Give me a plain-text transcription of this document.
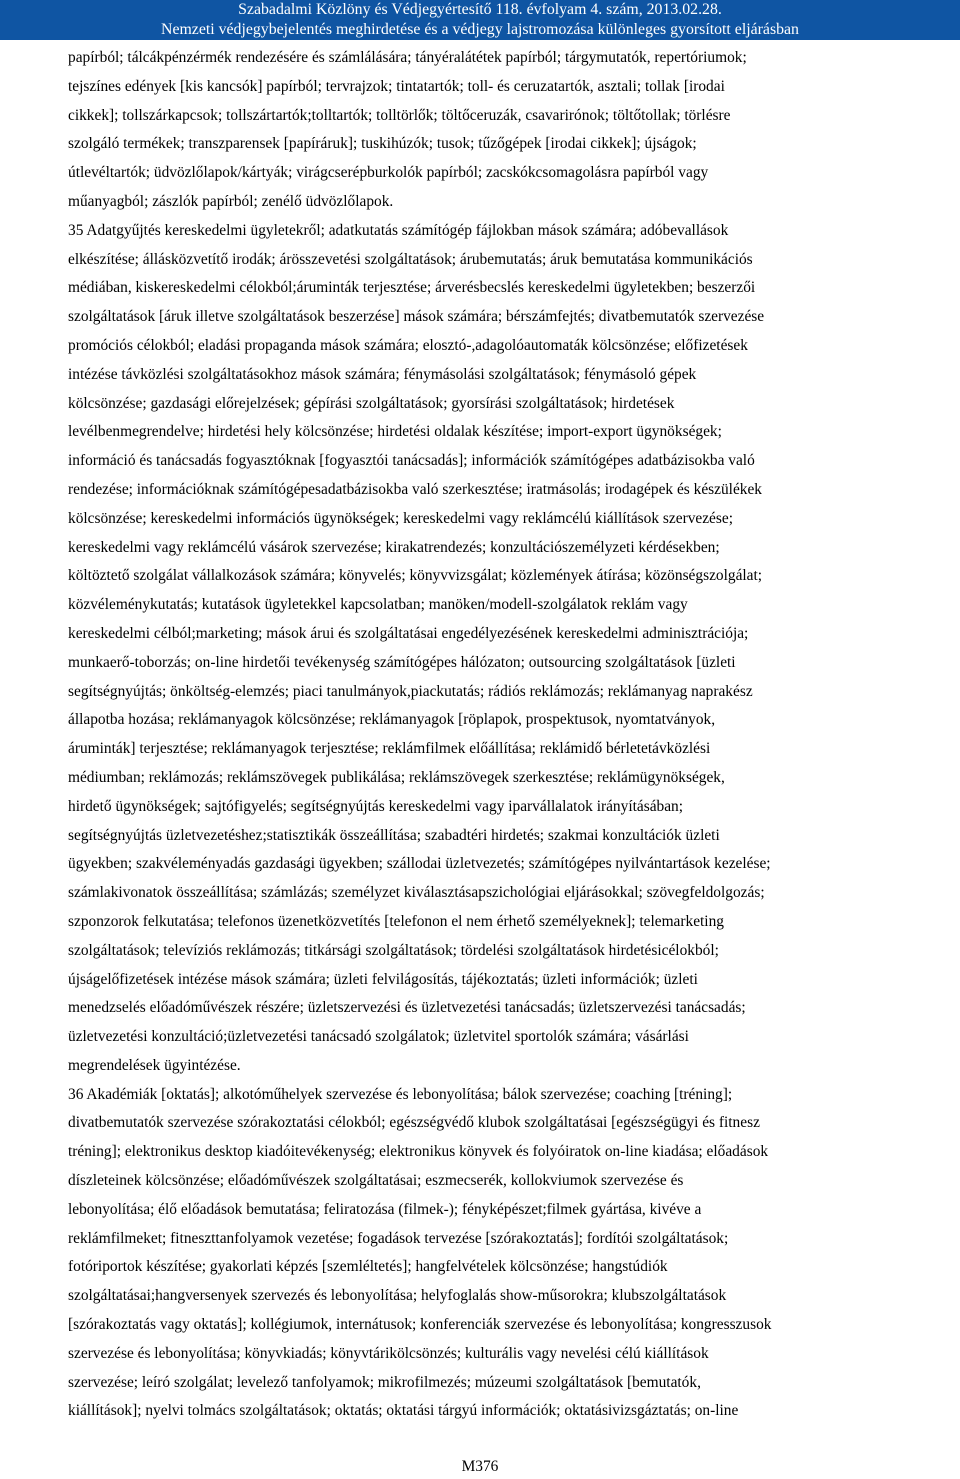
Szabadalmi Közlöny és Védjegyértesítő 118. évfolyam 4. szám, 2013.02.28.
Nemzeti védjegybejelentés meghirdetése és a védjegy lajstromozása különleges gyorsított eljárásban
papírból; tálcákpénzérmék rendezésére és számlálására; tányéralátétek papírból; tárgymutatók, repertóriumok;
tejszínes edények [kis kancsók] papírból; tervrajzok; tintatartók; toll- és ceruzatartók, asztali; tollak [irodai
cikkek]; tollszárkapcsok; tollszártartók;tolltartók; tolltörlők; töltőceruzák, csavarirónok; töltőtollak; törlésre
szolgáló termékek; transzparensek [papíráruk]; tuskihúzók; tusok; tűzőgépek [irodai cikkek]; újságok;
útlevéltartók; üdvözlőlapok/kártyák; virágcserépburkolók papírból; zacskókcsomagolásra papírból vagy
műanyagból; zászlók papírból; zenélő üdvözlőlapok.
35 Adatgyűjtés kereskedelmi ügyletekről; adatkutatás számítógép fájlokban mások számára; adóbevallások
elkészítése; állásközvetítő irodák; árösszevetési szolgáltatások; árubemutatás; áruk bemutatása kommunikációs
médiában, kiskereskedelmi célokból;áruminták terjesztése; árverésbecslés kereskedelmi ügyletekben; beszerzői
szolgáltatások [áruk illetve szolgáltatások beszerzése] mások számára; bérszámfejtés; divatbemutatók szervezése
promóciós célokból; eladási propaganda mások számára; elosztó-,adagolóautomaták kölcsönzése; előfizetések
intézése távközlési szolgáltatásokhoz mások számára; fénymásolási szolgáltatások; fénymásoló gépek
kölcsönzése; gazdasági előrejelzések; gépírási szolgáltatások; gyorsírási szolgáltatások; hirdetések
levélbenmegrendelve; hirdetési hely kölcsönzése; hirdetési oldalak készítése; import-export ügynökségek;
információ és tanácsadás fogyasztóknak [fogyasztói tanácsadás]; információk számítógépes adatbázisokba való
rendezése; információknak számítógépesadatbázisokba való szerkesztése; iratmásolás; irodagépek és készülékek
kölcsönzése; kereskedelmi információs ügynökségek; kereskedelmi vagy reklámcélú kiállítások szervezése;
kereskedelmi vagy reklámcélú vásárok szervezése; kirakatrendezés; konzultációszemélyzeti kérdésekben;
költöztető szolgálat vállalkozások számára; könyvelés; könyvvizsgálat; közlemények átírása; közönségszolgálat;
közvéleménykutatás; kutatások ügyletekkel kapcsolatban; manöken/modell-szolgálatok reklám vagy
kereskedelmi célból;marketing; mások árui és szolgáltatásai engedélyezésének kereskedelmi adminisztrációja;
munkaerő-toborzás; on-line hirdetői tevékenység számítógépes hálózaton; outsourcing szolgáltatások [üzleti
segítségnyújtás; önköltség-elemzés; piaci tanulmányok,piackutatás; rádiós reklámozás; reklámanyag naprakész
állapotba hozása; reklámanyagok kölcsönzése; reklámanyagok [röplapok, prospektusok, nyomtatványok,
áruminták] terjesztése; reklámanyagok terjesztése; reklámfilmek előállítása; reklámidő bérletetávközlési
médiumban; reklámozás; reklámszövegek publikálása; reklámszövegek szerkesztése; reklámügynökségek,
hirdető ügynökségek; sajtófigyelés; segítségnyújtás kereskedelmi vagy iparvállalatok irányításában;
segítségnyújtás üzletvezetéshez;statisztikák összeállítása; szabadtéri hirdetés; szakmai konzultációk üzleti
ügyekben; szakvéleményadás gazdasági ügyekben; szállodai üzletvezetés; számítógépes nyilvántartások kezelése;
számlakivonatok összeállítása; számlázás; személyzet kiválasztásapszichológiai eljárásokkal; szövegfeldolgozás;
szponzorok felkutatása; telefonos üzenetközvetítés [telefonon el nem érhető személyeknek]; telemarketing
szolgáltatások; televíziós reklámozás; titkársági szolgáltatások; tördelési szolgáltatások hirdetésicélokból;
újságelőfizetések intézése mások számára; üzleti felvilágosítás, tájékoztatás; üzleti információk; üzleti
menedzselés előadóművészek részére; üzletszervezési és üzletvezetési tanácsadás; üzletszervezési tanácsadás;
üzletvezetési konzultáció;üzletvezetési tanácsadó szolgálatok; üzletvitel sportolók számára; vásárlási
megrendelések ügyintézése.
36 Akadémiák [oktatás]; alkotóműhelyek szervezése és lebonyolítása; bálok szervezése; coaching [tréning];
divatbemutatók szervezése szórakoztatási célokból; egészségvédő klubok szolgáltatásai [egészségügyi és fitnesz
tréning]; elektronikus desktop kiadóitevékenység; elektronikus könyvek és folyóiratok on-line kiadása; előadások
díszleteinek kölcsönzése; előadóművészek szolgáltatásai; eszmecserék, kollokviumok szervezése és
lebonyolítása; élő előadások bemutatása; feliratozása (filmek-); fényképészet;filmek gyártása, kivéve a
reklámfilmeket; fitneszttanfolyamok vezetése; fogadások tervezése [szórakoztatás]; fordítói szolgáltatások;
fotóriportok készítése; gyakorlati képzés [szemléltetés]; hangfelvételek kölcsönzése; hangstúdiók
szolgáltatásai;hangversenyek szervezés és lebonyolítása; helyfoglalás show-műsorokra; klubszolgáltatások
[szórakoztatás vagy oktatás]; kollégiumok, internátusok; konferenciák szervezése és lebonyolítása; kongresszusok
szervezése és lebonyolítása; könyvkiadás; könyvtárikölcsönzés; kulturális vagy nevelési célú kiállítások
szervezése; leíró szolgálat; levelező tanfolyamok; mikrofilmezés; múzeumi szolgáltatások [bemutatók,
kiállítások]; nyelvi tolmács szolgáltatások; oktatás; oktatási tárgyú információk; oktatásivizsgáztatás; on-line
M376
